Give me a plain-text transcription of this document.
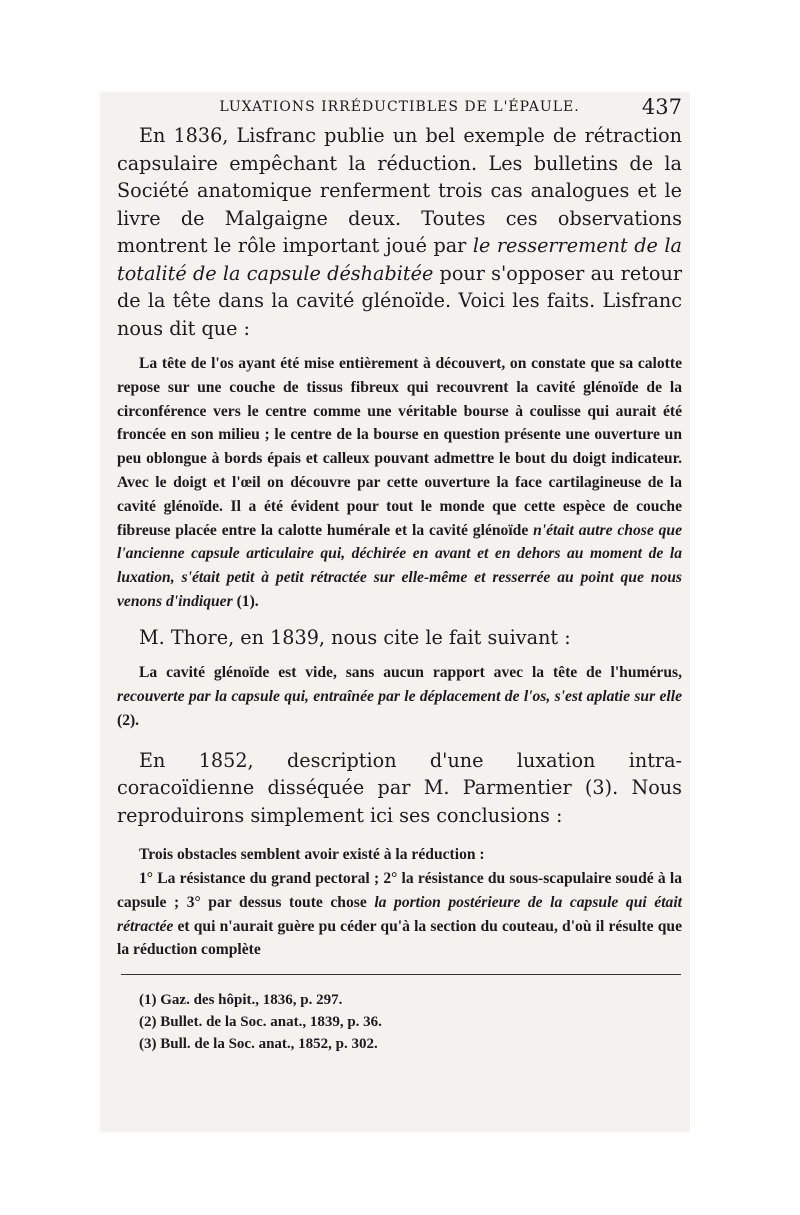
LUXATIONS IRRÉDUCTIBLES DE L'ÉPAULE.	437

En 1836, Lisfranc publie un bel exemple de rétraction capsulaire empêchant la réduction. Les bulletins de la Société anatomique renferment trois cas analogues et le livre de Malgaigne deux. Toutes ces observations montrent le rôle important joué par le resserrement de la totalité de la capsule déshabitée pour s'opposer au retour de la tête dans la cavité glénoïde. Voici les faits. Lisfranc nous dit que :

La tête de l'os ayant été mise entièrement à découvert, on constate que sa calotte repose sur une couche de tissus fibreux qui recouvrent la cavité glénoïde de la circonférence vers le centre comme une véritable bourse à coulisse qui aurait été froncée en son milieu ; le centre de la bourse en question présente une ouverture un peu oblongue à bords épais et calleux pouvant admettre le bout du doigt indicateur. Avec le doigt et l'œil on découvre par cette ouverture la face cartilagineuse de la cavité glénoïde. Il a été évident pour tout le monde que cette espèce de couche fibreuse placée entre la calotte humérale et la cavité glénoïde n'était autre chose que l'ancienne capsule articulaire qui, déchirée en avant et en dehors au moment de la luxation, s'était petit à petit rétractée sur elle-même et resserrée au point que nous venons d'indiquer (1).

M. Thore, en 1839, nous cite le fait suivant :

La cavité glénoïde est vide, sans aucun rapport avec la tête de l'humérus, recouverte par la capsule qui, entraînée par le déplacement de l'os, s'est aplatie sur elle (2).

En 1852, description d'une luxation intra-coracoïdienne disséquée par M. Parmentier (3). Nous reproduirons simplement ici ses conclusions :

Trois obstacles semblent avoir existé à la réduction :

1° La résistance du grand pectoral ; 2° la résistance du sous-scapulaire soudé à la capsule ; 3° par dessus toute chose la portion postérieure de la capsule qui était rétractée et qui n'aurait guère pu céder qu'à la section du couteau, d'où il résulte que la réduction complète

(1) Gaz. des hôpit., 1836, p. 297.
(2) Bullet. de la Soc. anat., 1839, p. 36.
(3) Bull. de la Soc. anat., 1852, p. 302.
